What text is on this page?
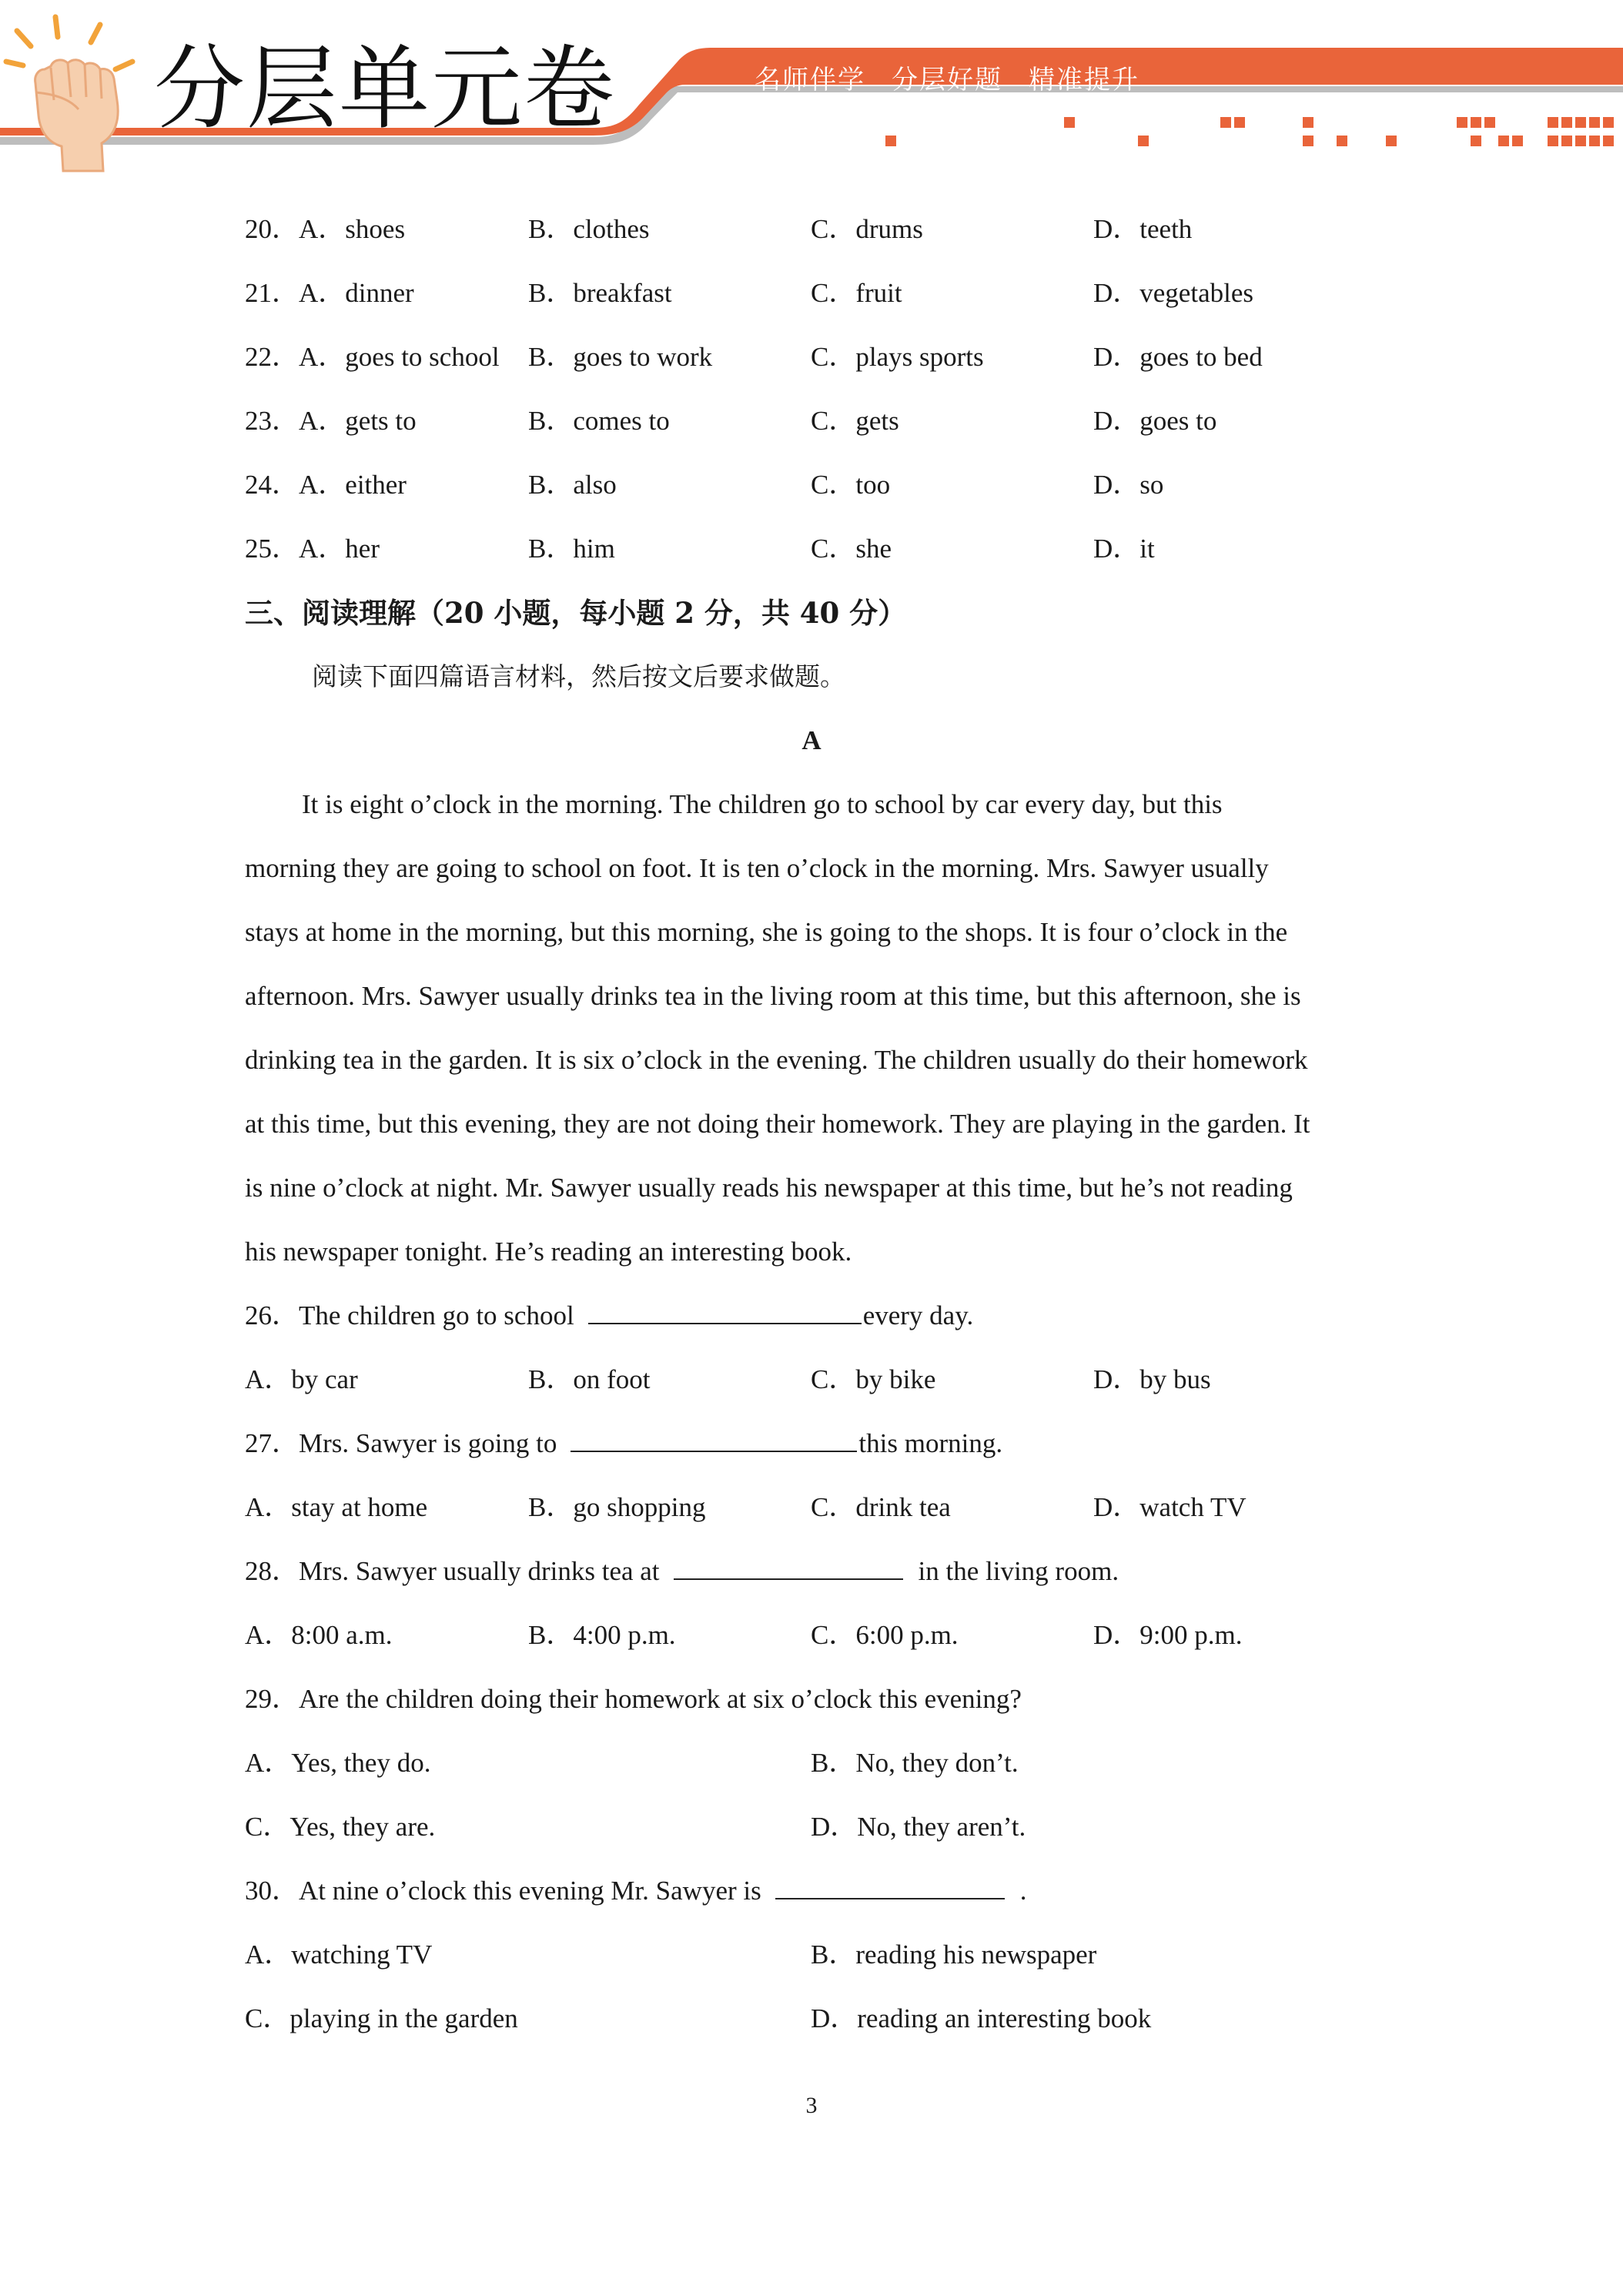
分层单元卷	名师伴学 分层好题 精准提升
20．A．shoes	B．clothes	C．drums	D．teeth
21．A．dinner	B．breakfast	C．fruit	D．vegetables
22．A．goes to school B．goes to work	C．plays sports	D．goes to bed
23．A．gets to	B．comes to	C．gets	D．goes to
24．A．either	B．also	C．too	D．so
25．A．her	B．him	C．she	D．it
三、阅读理解（20 小题，每小题 2 分，共 40 分）
阅读下面四篇语言材料，然后按文后要求做题。
A
It is eight o’clock in the morning. The children go to school by car every day, but this
morning they are going to school on foot. It is ten o’clock in the morning. Mrs. Sawyer usually
stays at home in the morning, but this morning, she is going to the shops. It is four o’clock in the
afternoon. Mrs. Sawyer usually drinks tea in the living room at this time, but this afternoon, she is
drinking tea in the garden. It is six o’clock in the evening. The children usually do their homework
at this time, but this evening, they are not doing their homework. They are playing in the garden. It
is nine o’clock at night. Mr. Sawyer usually reads his newspaper at this time, but he’s not reading
his newspaper tonight. He’s reading an interesting book.
26．The children go to school	every day.
A．by car	B．on foot	C．by bike	D．by bus
27．Mrs. Sawyer is going to	this morning.
A．stay at home	B．go shopping	C．drink tea	D．watch TV
28．Mrs. Sawyer usually drinks tea at	in the living room.
A．8:00 a.m.	B．4:00 p.m.	C．6:00 p.m.	D．9:00 p.m.
29．Are the children doing their homework at six o’clock this evening?
A．Yes, they do.	B．No, they don’t.
C．Yes, they are.	D．No, they aren’t.
30．At nine o’clock this evening Mr. Sawyer is	.
A．watching TV	B．reading his newspaper
C．playing in the garden	D．reading an interesting book
3
